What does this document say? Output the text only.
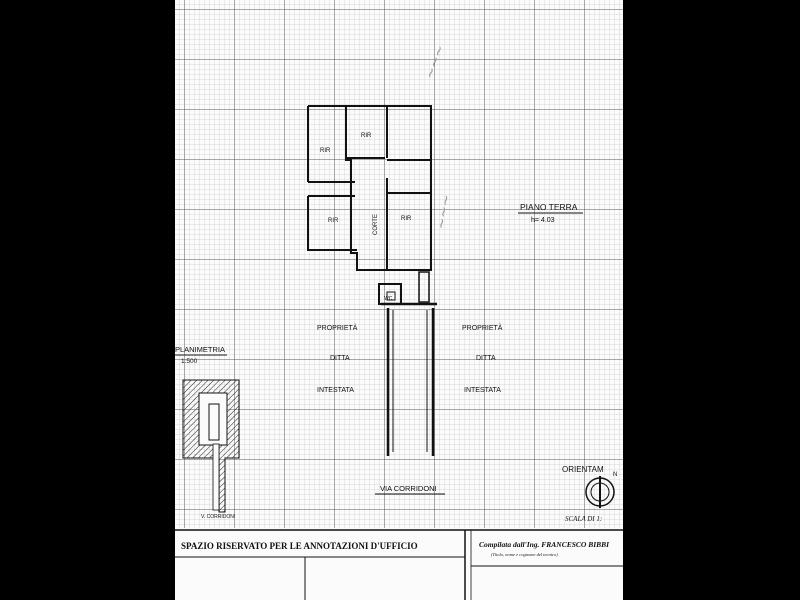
~~~
~~~
RIR
RIR
RIR	RIR
CORTE
WC
PROPRIETÀ
DITTA
INTESTATA
PROPRIETÀ
DITTA
INTESTATA
PIANO TERRA
h= 4.03
VIA CORRIDONI
PLANIMETRIA
1:500
V. CORRIDONI
ORIENTAM
N
SCALA DI 1:
SPAZIO RISERVATO PER LE ANNOTAZIONI D'UFFICIO	Compilata dall'Ing. FRANCESCO BIBBI
(Titolo, nome e cognome del tecnico)
